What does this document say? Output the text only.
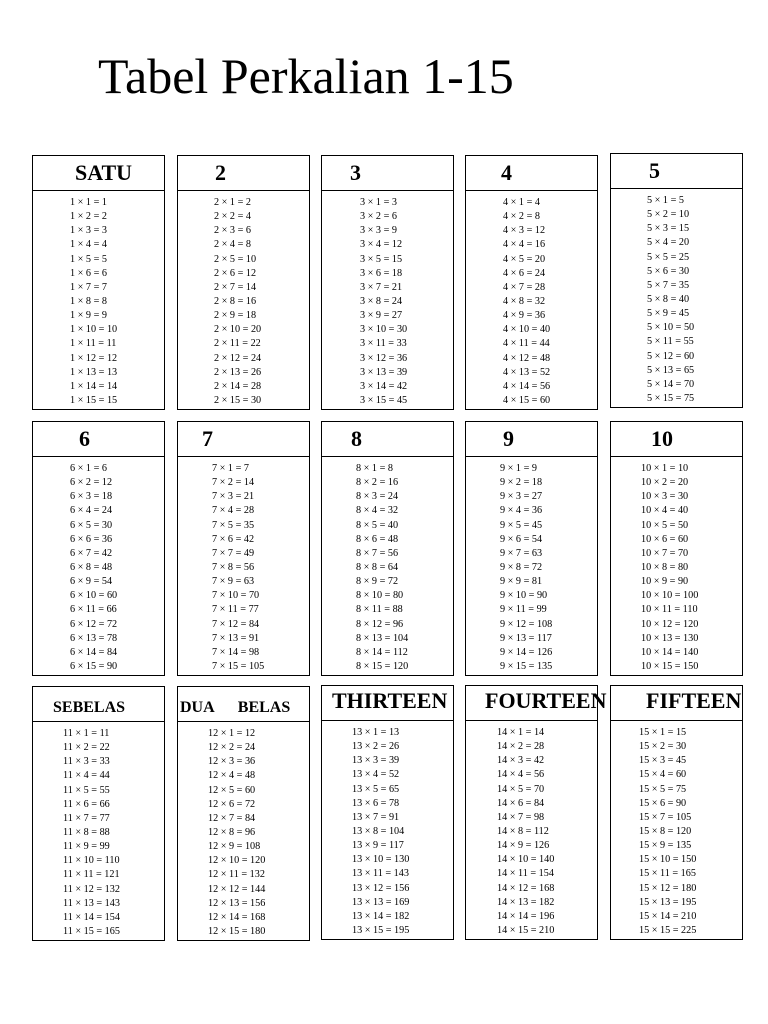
Tabel Perkalian 1-15
SATU
1 × 1 = 1
1 × 2 = 2
1 × 3 = 3
1 × 4 = 4
1 × 5 = 5
1 × 6 = 6
1 × 7 = 7
1 × 8 = 8
1 × 9 = 9
1 × 10 = 10
1 × 11 = 11
1 × 12 = 12
1 × 13 = 13
1 × 14 = 14
1 × 15 = 15
2
2 × 1 = 2
2 × 2 = 4
2 × 3 = 6
2 × 4 = 8
2 × 5 = 10
2 × 6 = 12
2 × 7 = 14
2 × 8 = 16
2 × 9 = 18
2 × 10 = 20
2 × 11 = 22
2 × 12 = 24
2 × 13 = 26
2 × 14 = 28
2 × 15 = 30
3
3 × 1 = 3
3 × 2 = 6
3 × 3 = 9
3 × 4 = 12
3 × 5 = 15
3 × 6 = 18
3 × 7 = 21
3 × 8 = 24
3 × 9 = 27
3 × 10 = 30
3 × 11 = 33
3 × 12 = 36
3 × 13 = 39
3 × 14 = 42
3 × 15 = 45
4
4 × 1 = 4
4 × 2 = 8
4 × 3 = 12
4 × 4 = 16
4 × 5 = 20
4 × 6 = 24
4 × 7 = 28
4 × 8 = 32
4 × 9 = 36
4 × 10 = 40
4 × 11 = 44
4 × 12 = 48
4 × 13 = 52
4 × 14 = 56
4 × 15 = 60
5
5 × 1 = 5
5 × 2 = 10
5 × 3 = 15
5 × 4 = 20
5 × 5 = 25
5 × 6 = 30
5 × 7 = 35
5 × 8 = 40
5 × 9 = 45
5 × 10 = 50
5 × 11 = 55
5 × 12 = 60
5 × 13 = 65
5 × 14 = 70
5 × 15 = 75
6
6 × 1 = 6
6 × 2 = 12
6 × 3 = 18
6 × 4 = 24
6 × 5 = 30
6 × 6 = 36
6 × 7 = 42
6 × 8 = 48
6 × 9 = 54
6 × 10 = 60
6 × 11 = 66
6 × 12 = 72
6 × 13 = 78
6 × 14 = 84
6 × 15 = 90
7
7 × 1 = 7
7 × 2 = 14
7 × 3 = 21
7 × 4 = 28
7 × 5 = 35
7 × 6 = 42
7 × 7 = 49
7 × 8 = 56
7 × 9 = 63
7 × 10 = 70
7 × 11 = 77
7 × 12 = 84
7 × 13 = 91
7 × 14 = 98
7 × 15 = 105
8
8 × 1 = 8
8 × 2 = 16
8 × 3 = 24
8 × 4 = 32
8 × 5 = 40
8 × 6 = 48
8 × 7 = 56
8 × 8 = 64
8 × 9 = 72
8 × 10 = 80
8 × 11 = 88
8 × 12 = 96
8 × 13 = 104
8 × 14 = 112
8 × 15 = 120
9
9 × 1 = 9
9 × 2 = 18
9 × 3 = 27
9 × 4 = 36
9 × 5 = 45
9 × 6 = 54
9 × 7 = 63
9 × 8 = 72
9 × 9 = 81
9 × 10 = 90
9 × 11 = 99
9 × 12 = 108
9 × 13 = 117
9 × 14 = 126
9 × 15 = 135
10
10 × 1 = 10
10 × 2 = 20
10 × 3 = 30
10 × 4 = 40
10 × 5 = 50
10 × 6 = 60
10 × 7 = 70
10 × 8 = 80
10 × 9 = 90
10 × 10 = 100
10 × 11 = 110
10 × 12 = 120
10 × 13 = 130
10 × 14 = 140
10 × 15 = 150
SEBELAS
11 × 1 = 11
11 × 2 = 22
11 × 3 = 33
11 × 4 = 44
11 × 5 = 55
11 × 6 = 66
11 × 7 = 77
11 × 8 = 88
11 × 9 = 99
11 × 10 = 110
11 × 11 = 121
11 × 12 = 132
11 × 13 = 143
11 × 14 = 154
11 × 15 = 165
DUA      BELAS
12 × 1 = 12
12 × 2 = 24
12 × 3 = 36
12 × 4 = 48
12 × 5 = 60
12 × 6 = 72
12 × 7 = 84
12 × 8 = 96
12 × 9 = 108
12 × 10 = 120
12 × 11 = 132
12 × 12 = 144
12 × 13 = 156
12 × 14 = 168
12 × 15 = 180
THIRTEEN
13 × 1 = 13
13 × 2 = 26
13 × 3 = 39
13 × 4 = 52
13 × 5 = 65
13 × 6 = 78
13 × 7 = 91
13 × 8 = 104
13 × 9 = 117
13 × 10 = 130
13 × 11 = 143
13 × 12 = 156
13 × 13 = 169
13 × 14 = 182
13 × 15 = 195
FOURTEEN
14 × 1 = 14
14 × 2 = 28
14 × 3 = 42
14 × 4 = 56
14 × 5 = 70
14 × 6 = 84
14 × 7 = 98
14 × 8 = 112
14 × 9 = 126
14 × 10 = 140
14 × 11 = 154
14 × 12 = 168
14 × 13 = 182
14 × 14 = 196
14 × 15 = 210
FIFTEEN
15 × 1 = 15
15 × 2 = 30
15 × 3 = 45
15 × 4 = 60
15 × 5 = 75
15 × 6 = 90
15 × 7 = 105
15 × 8 = 120
15 × 9 = 135
15 × 10 = 150
15 × 11 = 165
15 × 12 = 180
15 × 13 = 195
15 × 14 = 210
15 × 15 = 225
